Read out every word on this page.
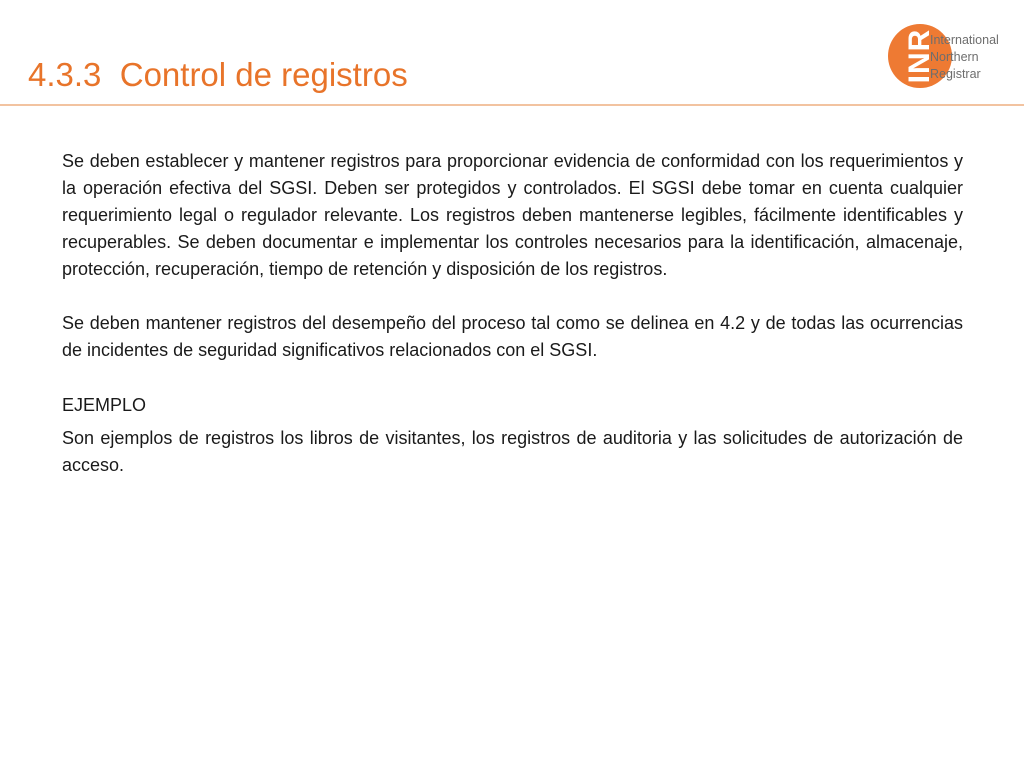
4.3.3  Control de registros	INR
International
Northern
Registrar

Se deben establecer y mantener registros para proporcionar evidencia de conformidad con los requerimientos y la operación efectiva del SGSI. Deben ser protegidos y controlados. El SGSI debe tomar en cuenta cualquier requerimiento legal o regulador relevante. Los registros deben mantenerse legibles, fácilmente identificables y recuperables. Se deben documentar e implementar los controles necesarios para la identificación, almacenaje, protección, recuperación, tiempo de retención y disposición de los registros.

Se deben mantener registros del desempeño del proceso tal como se delinea en 4.2 y de todas las ocurrencias de incidentes de seguridad significativos relacionados con el SGSI.

EJEMPLO

Son ejemplos de registros los libros de visitantes, los registros de auditoria y las solicitudes de autorización de acceso.
